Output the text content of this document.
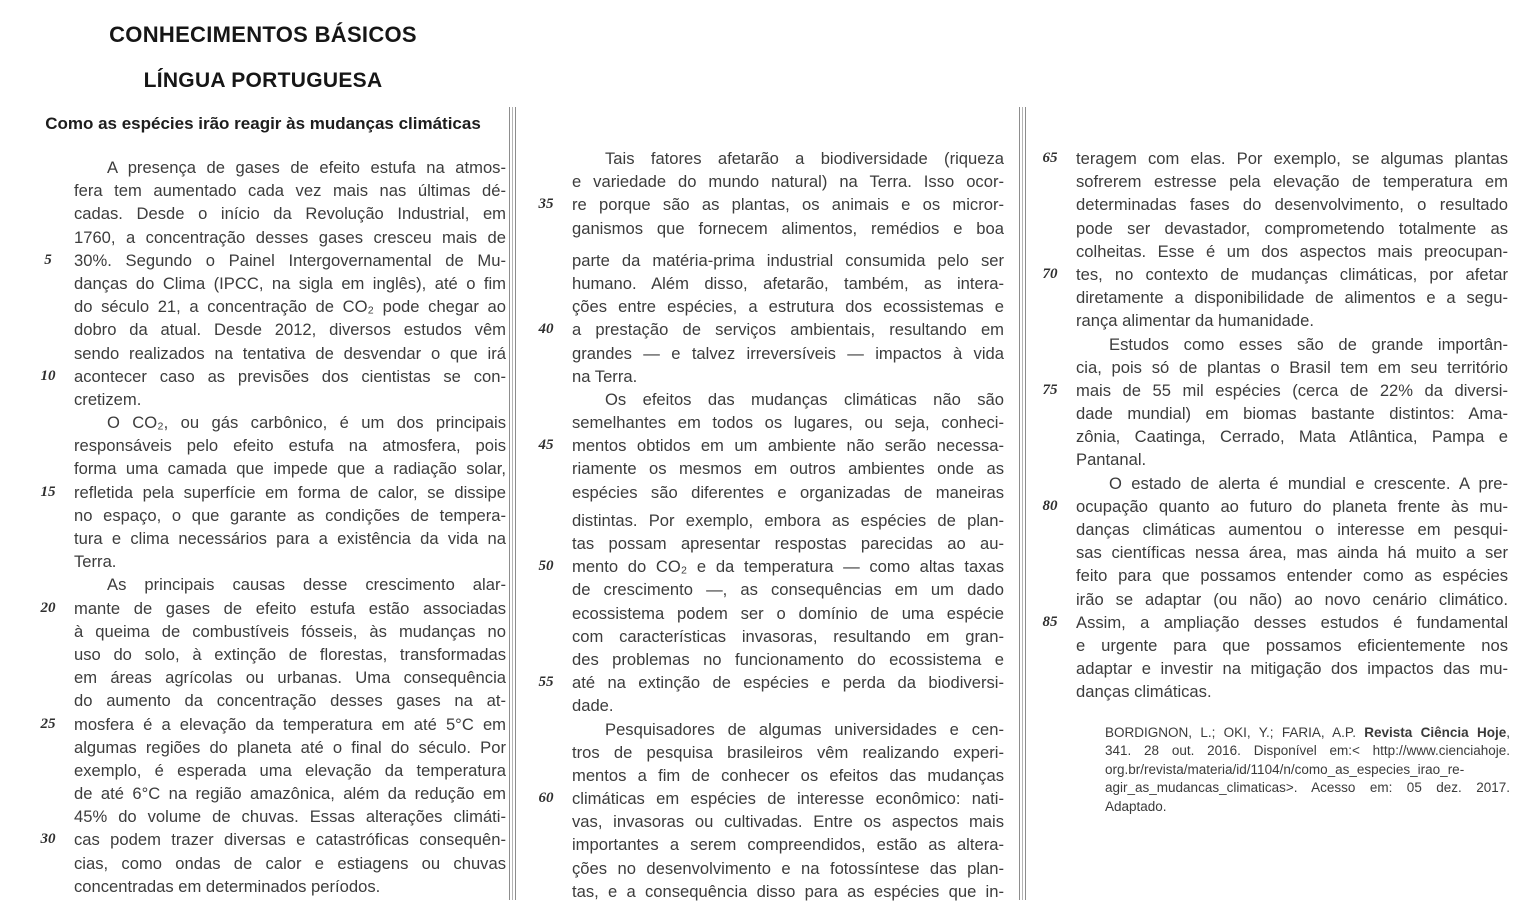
CONHECIMENTOS BÁSICOS
LÍNGUA PORTUGUESA
Como as espécies irão reagir às mudanças climáticas
A presença de gases de efeito estufa na atmos-
fera tem aumentado cada vez mais nas últimas dé-
cadas. Desde o início da Revolução Industrial, em
1760, a concentração desses gases cresceu mais de
5	30%. Segundo o Painel Intergovernamental de Mu-
danças do Clima (IPCC, na sigla em inglês), até o fim
do século 21, a concentração de CO₂ pode chegar ao
dobro da atual. Desde 2012, diversos estudos vêm
sendo realizados na tentativa de desvendar o que irá
10	acontecer caso as previsões dos cientistas se con-
cretizem.
O CO₂, ou gás carbônico, é um dos principais
responsáveis pelo efeito estufa na atmosfera, pois
forma uma camada que impede que a radiação solar,
15	refletida pela superfície em forma de calor, se dissipe
no espaço, o que garante as condições de tempera-
tura e clima necessários para a existência da vida na
Terra.
As principais causas desse crescimento alar-
20	mante de gases de efeito estufa estão associadas
à queima de combustíveis fósseis, às mudanças no
uso do solo, à extinção de florestas, transformadas
em áreas agrícolas ou urbanas. Uma consequência
do aumento da concentração desses gases na at-
25	mosfera é a elevação da temperatura em até 5°C em
algumas regiões do planeta até o final do século. Por
exemplo, é esperada uma elevação da temperatura
de até 6°C na região amazônica, além da redução em
45% do volume de chuvas. Essas alterações climáti-
30	cas podem trazer diversas e catastróficas consequên-
cias, como ondas de calor e estiagens ou chuvas
concentradas em determinados períodos.
Tais fatores afetarão a biodiversidade (riqueza
e variedade do mundo natural) na Terra. Isso ocor-
35	re porque são as plantas, os animais e os micror-
ganismos que fornecem alimentos, remédios e boa
parte da matéria-prima industrial consumida pelo ser
humano. Além disso, afetarão, também, as intera-
ções entre espécies, a estrutura dos ecossistemas e
40	a prestação de serviços ambientais, resultando em
grandes — e talvez irreversíveis — impactos à vida
na Terra.
Os efeitos das mudanças climáticas não são
semelhantes em todos os lugares, ou seja, conheci-
45	mentos obtidos em um ambiente não serão necessa-
riamente os mesmos em outros ambientes onde as
espécies são diferentes e organizadas de maneiras
distintas. Por exemplo, embora as espécies de plan-
tas possam apresentar respostas parecidas ao au-
50	mento do CO₂ e da temperatura — como altas taxas
de crescimento —, as consequências em um dado
ecossistema podem ser o domínio de uma espécie
com características invasoras, resultando em gran-
des problemas no funcionamento do ecossistema e
55	até na extinção de espécies e perda da biodiversi-
dade.
Pesquisadores de algumas universidades e cen-
tros de pesquisa brasileiros vêm realizando experi-
mentos a fim de conhecer os efeitos das mudanças
60	climáticas em espécies de interesse econômico: nati-
vas, invasoras ou cultivadas. Entre os aspectos mais
importantes a serem compreendidos, estão as altera-
ções no desenvolvimento e na fotossíntese das plan-
tas, e a consequência disso para as espécies que in-
65	teragem com elas. Por exemplo, se algumas plantas
sofrerem estresse pela elevação de temperatura em
determinadas fases do desenvolvimento, o resultado
pode ser devastador, comprometendo totalmente as
colheitas. Esse é um dos aspectos mais preocupan-
70	tes, no contexto de mudanças climáticas, por afetar
diretamente a disponibilidade de alimentos e a segu-
rança alimentar da humanidade.
Estudos como esses são de grande importân-
cia, pois só de plantas o Brasil tem em seu território
75	mais de 55 mil espécies (cerca de 22% da diversi-
dade mundial) em biomas bastante distintos: Ama-
zônia, Caatinga, Cerrado, Mata Atlântica, Pampa e
Pantanal.
O estado de alerta é mundial e crescente. A pre-
80	ocupação quanto ao futuro do planeta frente às mu-
danças climáticas aumentou o interesse em pesqui-
sas científicas nessa área, mas ainda há muito a ser
feito para que possamos entender como as espécies
irão se adaptar (ou não) ao novo cenário climático.
85	Assim, a ampliação desses estudos é fundamental
e urgente para que possamos eficientemente nos
adaptar e investir na mitigação dos impactos das mu-
danças climáticas.
BORDIGNON, L.; OKI, Y.; FARIA, A.P. Revista Ciência Hoje,
341. 28 out. 2016. Disponível em:< http://www.cienciahoje.
org.br/revista/materia/id/1104/n/como_as_especies_irao_re-
agir_as_mudancas_climaticas>. Acesso em: 05 dez. 2017.
Adaptado.
